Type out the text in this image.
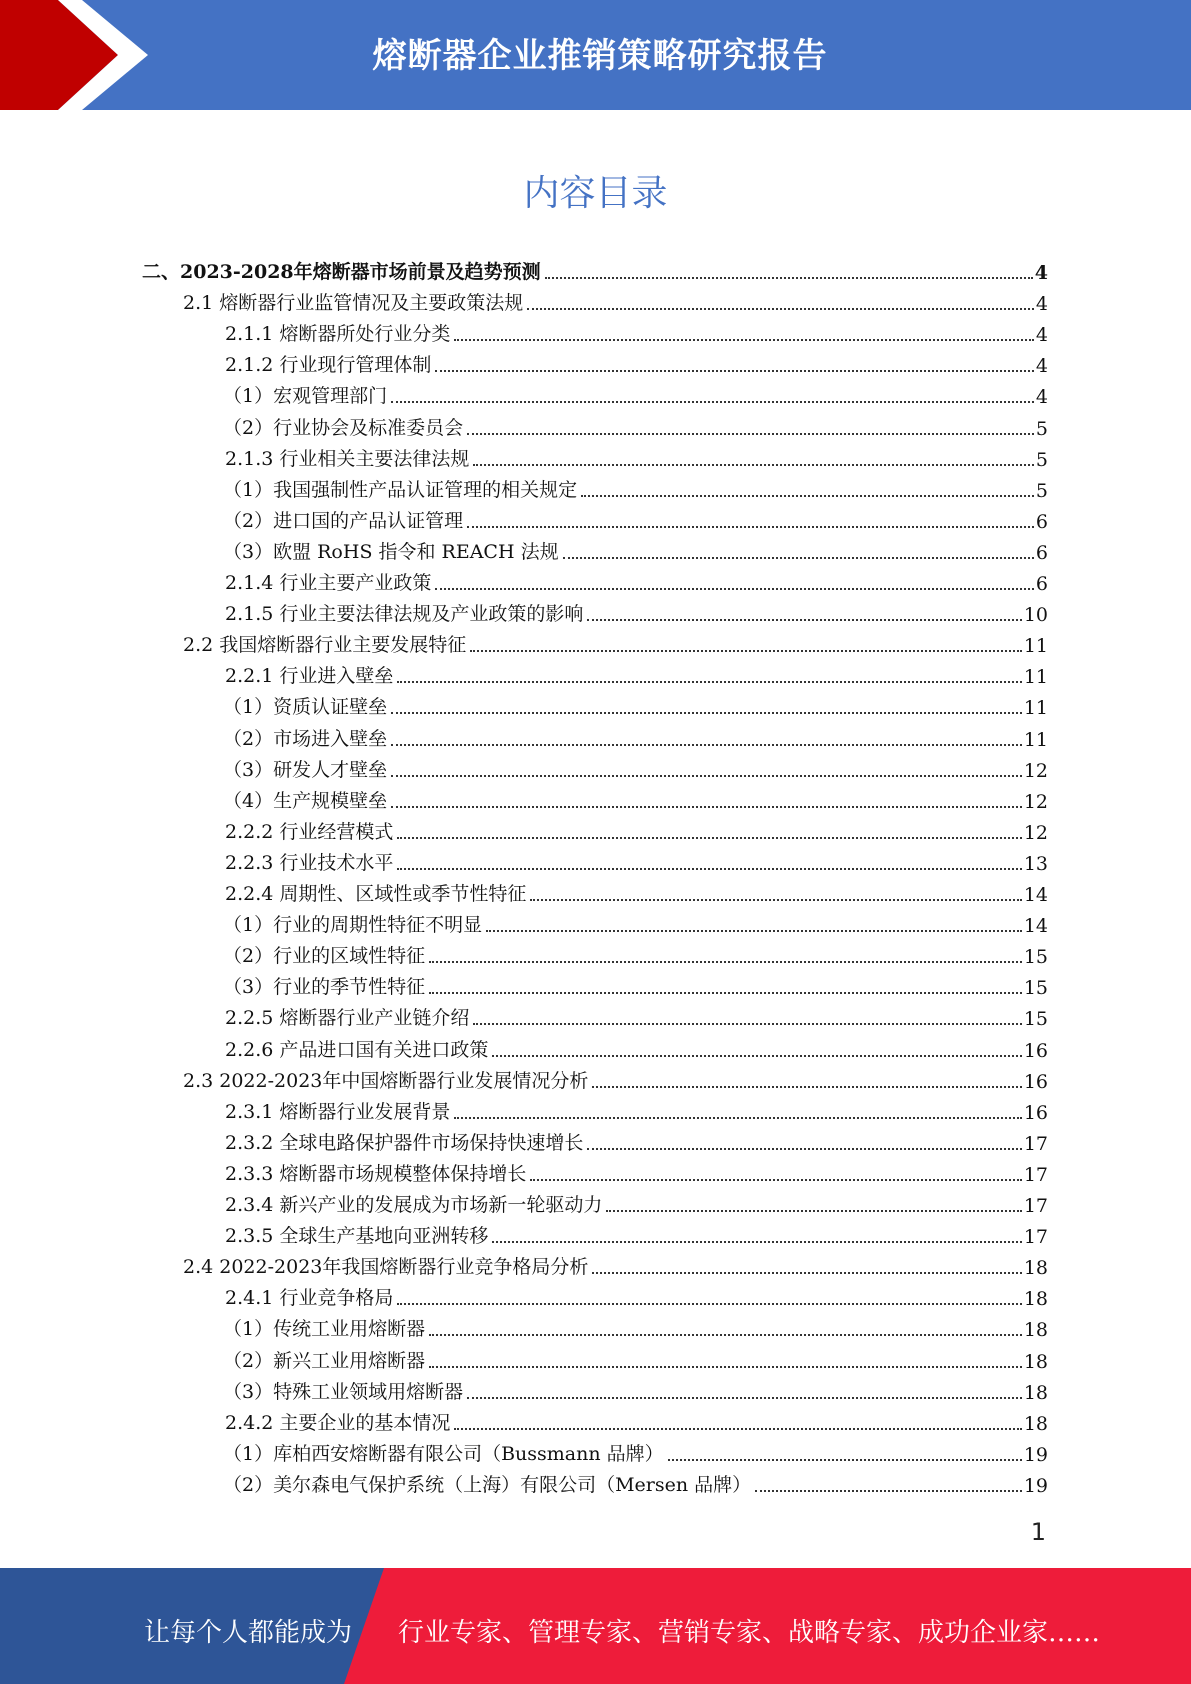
熔断器企业推销策略研究报告
内容目录
二、2023-2028年熔断器市场前景及趋势预测	4
2.1 熔断器行业监管情况及主要政策法规	4
2.1.1 熔断器所处行业分类	4
2.1.2 行业现行管理体制	4
（1）宏观管理部门	4
（2）行业协会及标准委员会	5
2.1.3 行业相关主要法律法规	5
（1）我国强制性产品认证管理的相关规定	5
（2）进口国的产品认证管理	6
（3）欧盟 RoHS 指令和 REACH 法规	6
2.1.4 行业主要产业政策	6
2.1.5 行业主要法律法规及产业政策的影响	10
2.2 我国熔断器行业主要发展特征	11
2.2.1 行业进入壁垒	11
（1）资质认证壁垒	11
（2）市场进入壁垒	11
（3）研发人才壁垒	12
（4）生产规模壁垒	12
2.2.2 行业经营模式	12
2.2.3 行业技术水平	13
2.2.4 周期性、区域性或季节性特征	14
（1）行业的周期性特征不明显	14
（2）行业的区域性特征	15
（3）行业的季节性特征	15
2.2.5 熔断器行业产业链介绍	15
2.2.6 产品进口国有关进口政策	16
2.3 2022-2023年中国熔断器行业发展情况分析	16
2.3.1 熔断器行业发展背景	16
2.3.2 全球电路保护器件市场保持快速增长	17
2.3.3 熔断器市场规模整体保持增长	17
2.3.4 新兴产业的发展成为市场新一轮驱动力	17
2.3.5 全球生产基地向亚洲转移	17
2.4 2022-2023年我国熔断器行业竞争格局分析	18
2.4.1 行业竞争格局	18
（1）传统工业用熔断器	18
（2）新兴工业用熔断器	18
（3）特殊工业领域用熔断器	18
2.4.2 主要企业的基本情况	18
（1）库柏西安熔断器有限公司（Bussmann 品牌）	19
（2）美尔森电气保护系统（上海）有限公司（Mersen 品牌）	19
1
让每个人都能成为 行业专家、管理专家、营销专家、战略专家、成功企业家……
